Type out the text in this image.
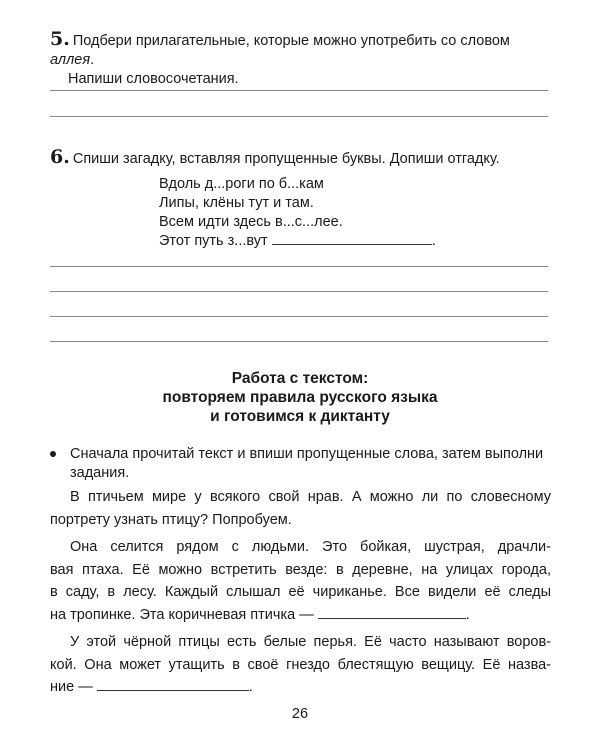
5. Подбери прилагательные, которые можно употребить со словом аллея.
Напиши словосочетания.
6. Спиши загадку, вставляя пропущенные буквы. Допиши отгадку.
Вдоль д...роги по б...кам
Липы, клёны тут и там.
Всем идти здесь в...с...лее.
Этот путь з...вут	.
Работа с текстом:
повторяем правила русского языка
и готовимся к диктанту
Сначала прочитай текст и впиши пропущенные слова, затем выполни
задания.
В птичьем мире у всякого свой нрав. А можно ли по словесному
портрету узнать птицу? Попробуем.
Она селится рядом с людьми. Это бойкая, шустрая, драчли-
вая птаха. Её можно встретить везде: в деревне, на улицах города,
в саду, в лесу. Каждый слышал её чириканье. Все видели её следы
на тропинке. Эта коричневая птичка —	.
У этой чёрной птицы есть белые перья. Её часто называют воров-
кой. Она может утащить в своё гнездо блестящую вещицу. Её назва-
ние —	.
26
